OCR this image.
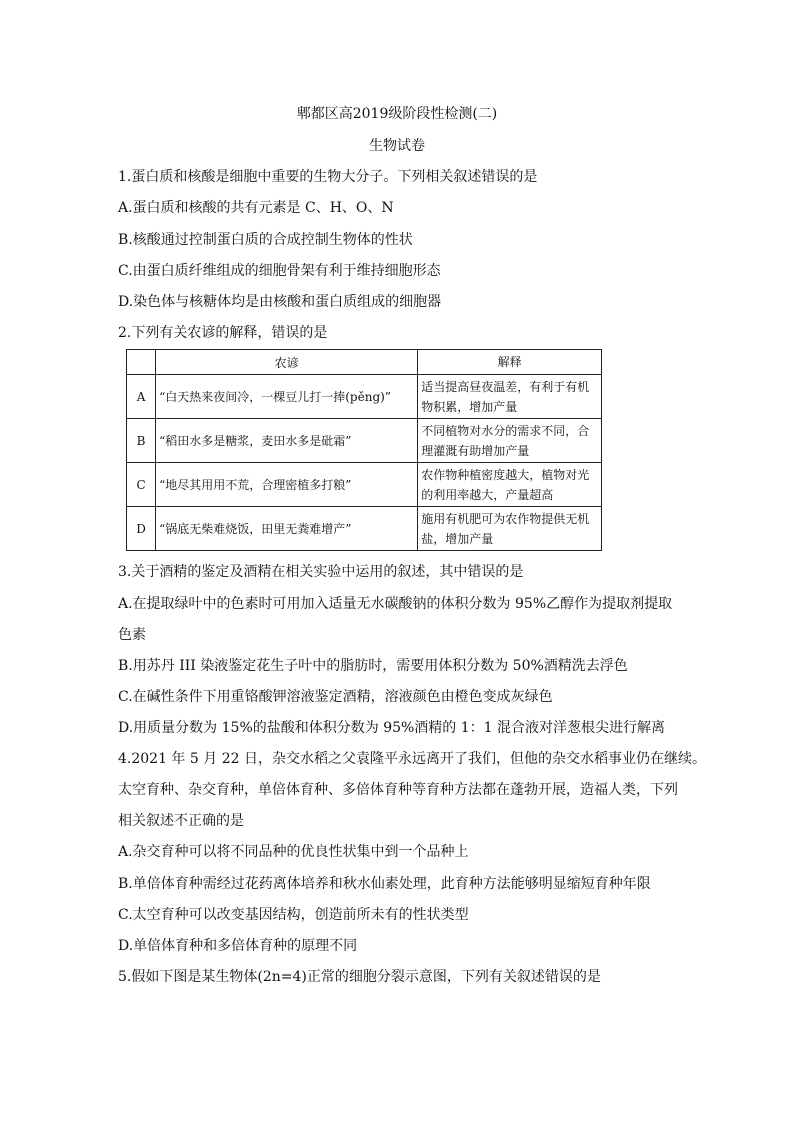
郫都区高2019级阶段性检测(二)
生物试卷
1.蛋白质和核酸是细胞中重要的生物大分子。下列相关叙述错误的是
A.蛋白质和核酸的共有元素是 C、H、O、N
B.核酸通过控制蛋白质的合成控制生物体的性状
C.由蛋白质纤维组成的细胞骨架有利于维持细胞形态
D.染色体与核糖体均是由核酸和蛋白质组成的细胞器
2.下列有关农谚的解释，错误的是
	农谚	解释
A	“白天热来夜间冷，一棵豆儿打一捧(pěng)”	适当提高昼夜温差，有利于有机物积累，增加产量
B	“稻田水多是糖浆，麦田水多是砒霜”	不同植物对水分的需求不同，合理灌溉有助增加产量
C	“地尽其用用不荒，合理密植多打粮”	农作物种植密度越大，植物对光的利用率越大，产量超高
D	“锅底无柴难烧饭，田里无粪难增产”	施用有机肥可为农作物提供无机盐，增加产量
3.关于酒精的鉴定及酒精在相关实验中运用的叙述，其中错误的是
A.在提取绿叶中的色素时可用加入适量无水碳酸钠的体积分数为 95%乙醇作为提取剂提取
色素
B.用苏丹 III 染液鉴定花生子叶中的脂肪时，需要用体积分数为 50%酒精洗去浮色
C.在碱性条件下用重铬酸钾溶液鉴定酒精，溶液颜色由橙色变成灰绿色
D.用质量分数为 15%的盐酸和体积分数为 95%酒精的 1：1 混合液对洋葱根尖进行解离
4.2021 年 5 月 22 日，杂交水稻之父袁隆平永远离开了我们，但他的杂交水稻事业仍在继续。
太空育种、杂交育种，单倍体育种、多倍体育种等育种方法都在蓬勃开展，造福人类，下列
相关叙述不正确的是
A.杂交育种可以将不同品种的优良性状集中到一个品种上
B.单倍体育种需经过花药离体培养和秋水仙素处理，此育种方法能够明显缩短育种年限
C.太空育种可以改变基因结构，创造前所未有的性状类型
D.单倍体育种和多倍体育种的原理不同
5.假如下图是某生物体(2n=4)正常的细胞分裂示意图，下列有关叙述错误的是
